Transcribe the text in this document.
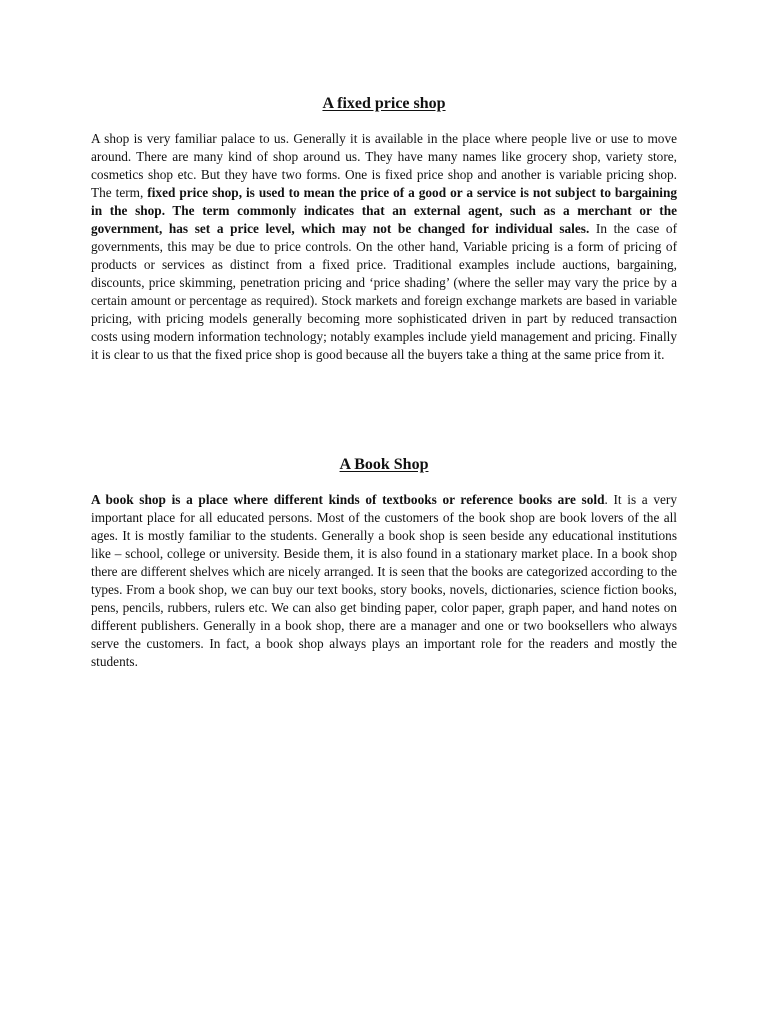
A fixed price shop

A shop is very familiar palace to us. Generally it is available in the place where people live or use to move around. There are many kind of shop around us. They have many names like grocery shop, variety store, cosmetics shop etc. But they have two forms. One is fixed price shop and another is variable pricing shop. The term, fixed price shop, is used to mean the price of a good or a service is not subject to bargaining in the shop. The term commonly indicates that an external agent, such as a merchant or the government, has set a price level, which may not be changed for individual sales. In the case of governments, this may be due to price controls. On the other hand, Variable pricing is a form of pricing of products or services as distinct from a fixed price. Traditional examples include auctions, bargaining, discounts, price skimming, penetration pricing and ‘price shading’ (where the seller may vary the price by a certain amount or percentage as required). Stock markets and foreign exchange markets are based in variable pricing, with pricing models generally becoming more sophisticated driven in part by reduced transaction costs using modern information technology; notably examples include yield management and pricing. Finally it is clear to us that the fixed price shop is good because all the buyers take a thing at the same price from it.

A Book Shop

A book shop is a place where different kinds of textbooks or reference books are sold. It is a very important place for all educated persons. Most of the customers of the book shop are book lovers of the all ages. It is mostly familiar to the students. Generally a book shop is seen beside any educational institutions like – school, college or university. Beside them, it is also found in a stationary market place. In a book shop there are different shelves which are nicely arranged. It is seen that the books are categorized according to the types. From a book shop, we can buy our text books, story books, novels, dictionaries, science fiction books, pens, pencils, rubbers, rulers etc. We can also get binding paper, color paper, graph paper, and hand notes on different publishers. Generally in a book shop, there are a manager and one or two booksellers who always serve the customers. In fact, a book shop always plays an important role for the readers and mostly the students.
